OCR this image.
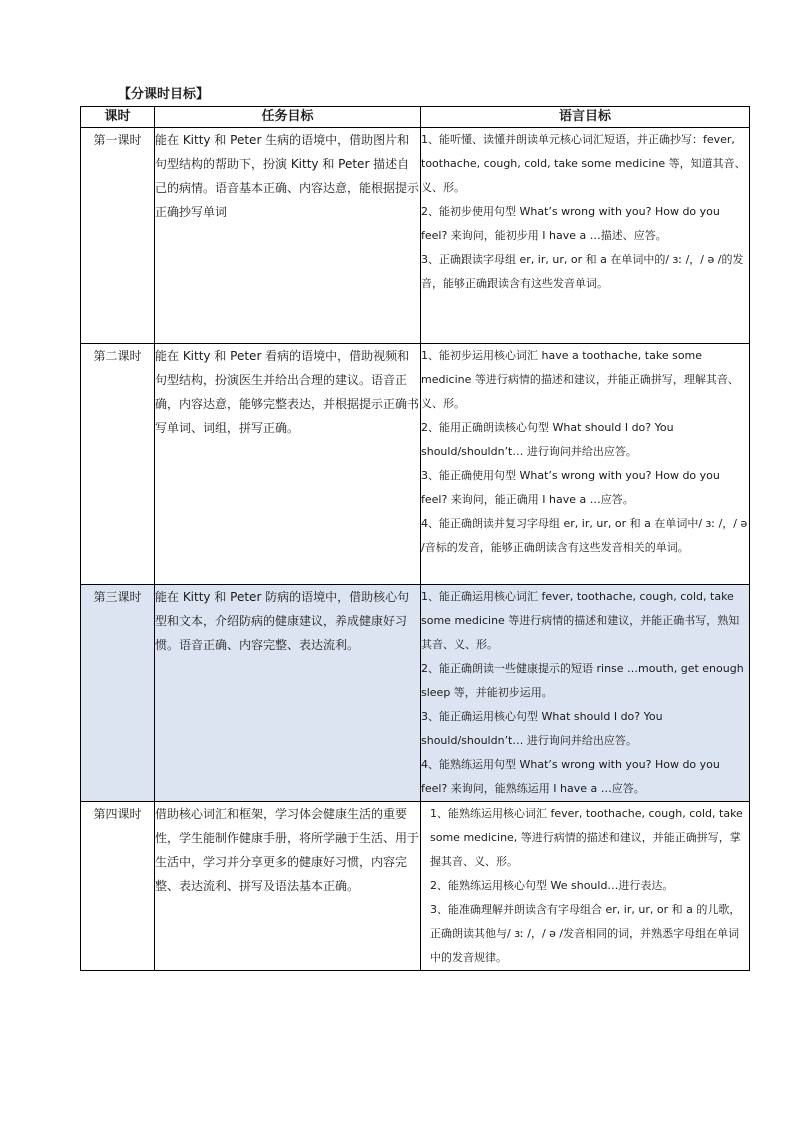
【分课时目标】
课时	任务目标	语言目标
第一课时	能在 Kitty 和 Peter 生病的语境中，借助图片和句型结构的帮助下，扮演 Kitty 和 Peter 描述自己的病情。语音基本正确、内容达意，能根据提示正确抄写单词	1、能听懂、读懂并朗读单元核心词汇短语，并正确抄写：fever, toothache, cough, cold, take some medicine 等，知道其音、义、形。
2、能初步使用句型 What’s wrong with you? How do you feel? 来询问，能初步用 I have a …描述、应答。
3、正确跟读字母组 er, ir, ur, or 和 a 在单词中的/ ɜː /，/ ə /的发音，能够正确跟读含有这些发音单词。

第二课时	能在 Kitty 和 Peter 看病的语境中，借助视频和句型结构，扮演医生并给出合理的建议。语音正确，内容达意，能够完整表达，并根据提示正确书写单词、词组，拼写正确。	1、能初步运用核心词汇 have a toothache, take some medicine 等进行病情的描述和建议，并能正确拼写，理解其音、义、形。
2、能用正确朗读核心句型 What should I do? You should/shouldn’t… 进行询问并给出应答。
3、能正确使用句型 What’s wrong with you? How do you feel? 来询问，能正确用 I have a …应答。
4、能正确朗读并复习字母组 er, ir, ur, or 和 a 在单词中/ ɜː /，/ ə /音标的发音，能够正确朗读含有这些发音相关的单词。

第三课时	能在 Kitty 和 Peter 防病的语境中，借助核心句型和文本，介绍防病的健康建议，养成健康好习惯。语音正确、内容完整、表达流利。	1、能正确运用核心词汇 fever, toothache, cough, cold, take some medicine 等进行病情的描述和建议，并能正确书写，熟知其音、义、形。
2、能正确朗读一些健康提示的短语 rinse …mouth, get enough sleep 等，并能初步运用。
3、能正确运用核心句型 What should I do? You should/shouldn’t… 进行询问并给出应答。
4、能熟练运用句型 What’s wrong with you? How do you feel? 来询问，能熟练运用 I have a …应答。

第四课时	借助核心词汇和框架，学习体会健康生活的重要性，学生能制作健康手册，将所学融于生活、用于生活中，学习并分享更多的健康好习惯，内容完整、表达流利、拼写及语法基本正确。	1、能熟练运用核心词汇 fever, toothache, cough, cold, take some medicine, 等进行病情的描述和建议，并能正确拼写，掌握其音、义、形。
2、能熟练运用核心句型 We should…进行表达。
3、能准确理解并朗读含有字母组合 er, ir, ur, or 和 a 的儿歌，正确朗读其他与/ ɜː /，/ ə /发音相同的词，并熟悉字母组在单词中的发音规律。
